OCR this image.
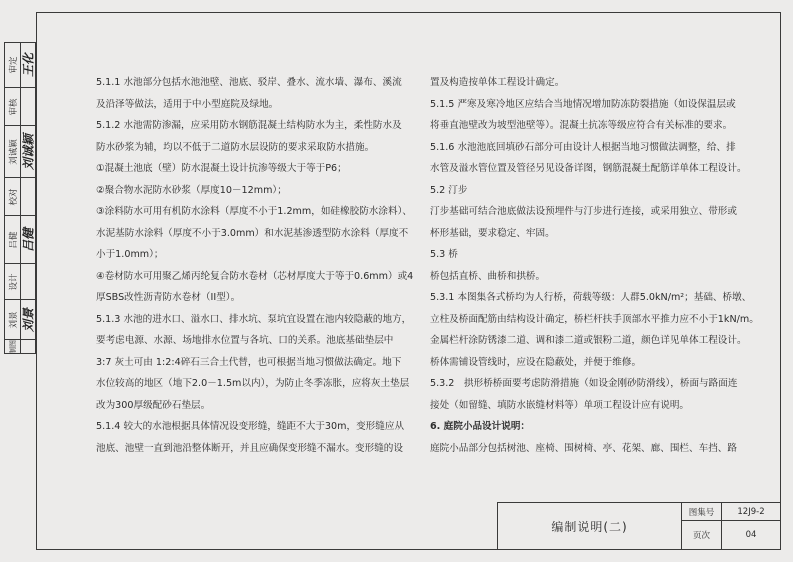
审定 王化
审核
刘诚颖 刘诚颖
校对
吕健 吕健
设计
刘景 刘景
制图

5.1.1 水池部分包括水池池壁、池底、驳岸、叠水、流水墙、瀑布、溪流

及沿泽等做法，适用于中小型庭院及绿地。

5.1.2 水池需防渗漏，应采用防水钢筋混凝土结构防水为主，柔性防水及

防水砂浆为辅，均以不低于二道防水层设防的要求采取防水措施。

①混凝土池底（壁）防水混凝土设计抗渗等级大于等于P6；

②聚合物水泥防水砂浆（厚度10－12mm）；

③涂料防水可用有机防水涂料（厚度不小于1.2mm，如硅橡胶防水涂料）、

水泥基防水涂料（厚度不小于3.0mm）和水泥基渗透型防水涂料（厚度不

小于1.0mm）；

④卷材防水可用聚乙烯丙纶复合防水卷材（芯材厚度大于等于0.6mm）或4

厚SBS改性沥青防水卷材（II型）。

5.1.3 水池的进水口、溢水口、排水坑、泵坑宜设置在池内较隐蔽的地方，

要考虑电源、水源、场地排水位置与各坑、口的关系。池底基础垫层中

3:7 灰土可由 1:2:4碎石三合土代替，也可根据当地习惯做法确定。地下

水位较高的地区（地下2.0－1.5m以内），为防止冬季冻胀，应将灰土垫层

改为300厚级配砂石垫层。

5.1.4 较大的水池根据具体情况设变形缝，缝距不大于30m，变形缝应从

池底、池壁一直到池沿整体断开，并且应确保变形缝不漏水。变形缝的设

置及构造按单体工程设计确定。

5.1.5 严寒及寒冷地区应结合当地情况增加防冻防裂措施（如设保温层或

将垂直池壁改为坡型池壁等）。混凝土抗冻等级应符合有关标准的要求。

5.1.6 水池池底回填砂石部分可由设计人根据当地习惯做法调整，给、排

水管及溢水管位置及管径另见设备详图，钢筋混凝土配筋详单体工程设计。

5.2 汀步

汀步基础可结合池底做法设预埋件与汀步进行连接，或采用独立、带形或

杯形基础，要求稳定、牢固。

5.3 桥

桥包括直桥、曲桥和拱桥。

5.3.1 本图集各式桥均为人行桥，荷载等级：人群5.0kN/m²；基础、桥墩、

立柱及桥面配筋由结构设计确定，桥栏杆扶手顶部水平推力应不小于1kN/m。

金属栏杆涂防锈漆二道、调和漆二道或银粉二道，颜色详见单体工程设计。

桥体需铺设管线时，应设在隐蔽处，并便于维修。

5.3.2　拱形桥桥面要考虑防滑措施（如设金刚砂防滑线），桥面与路面连

接处（如留缝、填防水嵌缝材料等）单项工程设计应有说明。

6. 庭院小品设计说明：

庭院小品部分包括树池、座椅、围树椅、亭、花架、廊、围栏、车挡、路

编制说明(二)
图集号	12J9-2
页次	04
